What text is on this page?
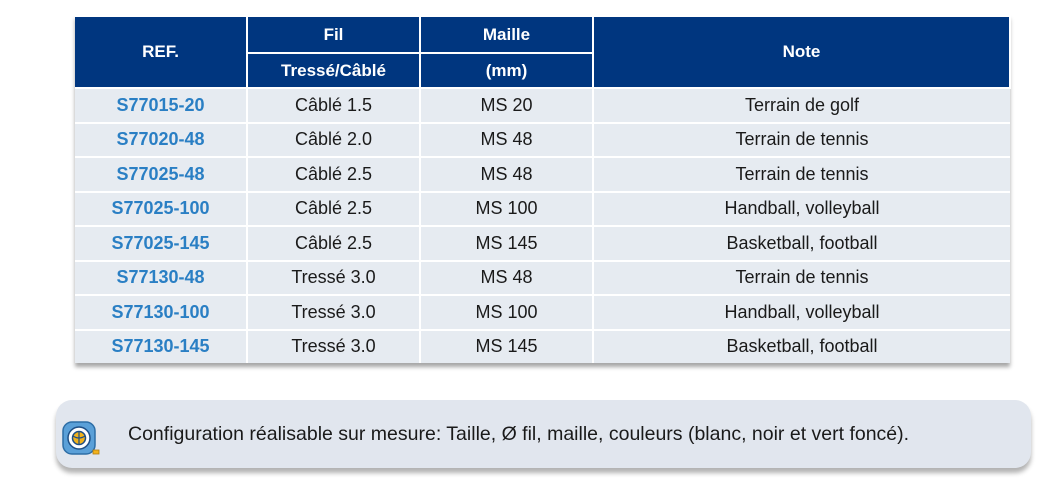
REF.	Fil	Maille	Note
	Tressé/Câblé	(mm)	
S77015-20	Câblé 1.5	MS 20	Terrain de golf
S77020-48	Câblé 2.0	MS 48	Terrain de tennis
S77025-48	Câblé 2.5	MS 48	Terrain de tennis
S77025-100	Câblé 2.5	MS 100	Handball, volleyball
S77025-145	Câblé 2.5	MS 145	Basketball, football
S77130-48	Tressé 3.0	MS 48	Terrain de tennis
S77130-100	Tressé 3.0	MS 100	Handball, volleyball
S77130-145	Tressé 3.0	MS 145	Basketball, football
Configuration réalisable sur mesure: Taille, Ø fil, maille, couleurs (blanc, noir et vert foncé).
